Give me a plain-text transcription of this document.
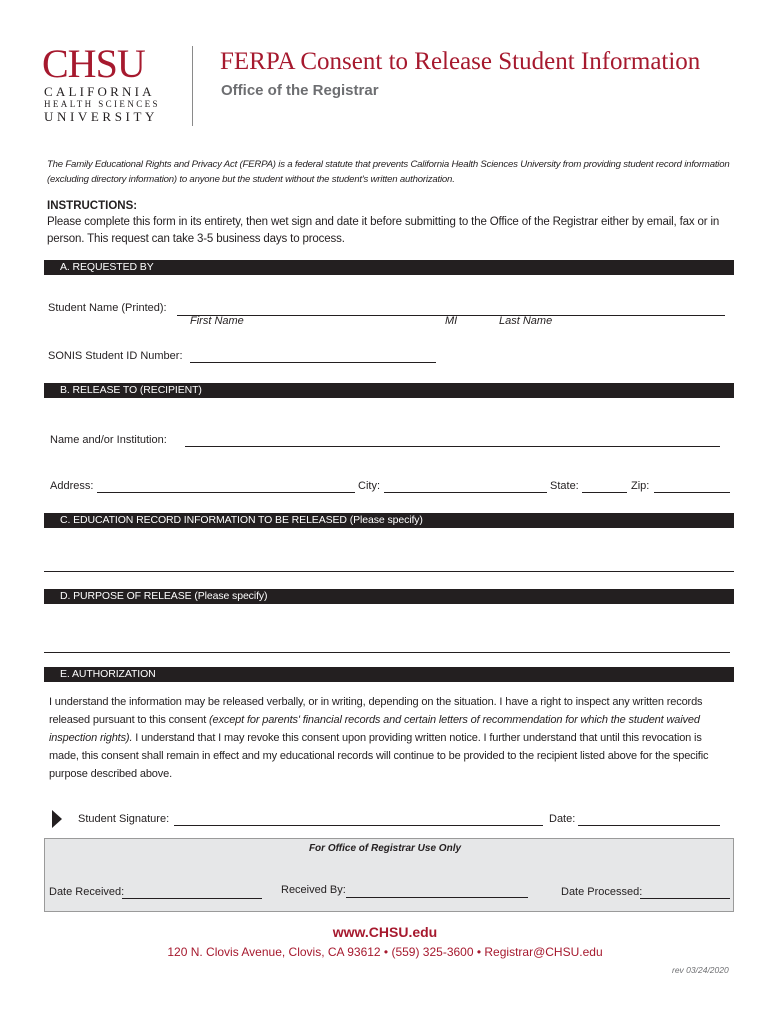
CHSU
CALIFORNIA
HEALTH SCIENCES
UNIVERSITY
FERPA Consent to Release Student Information
Office of the Registrar
The Family Educational Rights and Privacy Act (FERPA) is a federal statute that prevents California Health Sciences University from providing student record information (excluding directory information) to anyone but the student without the student's written authorization.
INSTRUCTIONS:
Please complete this form in its entirety, then wet sign and date it before submitting to the Office of the Registrar either by email, fax or in person. This request can take 3-5 business days to process.
A. REQUESTED BY
Student Name (Printed):
First Name	MI	Last Name
SONIS Student ID Number:
B. RELEASE TO (RECIPIENT)
Name and/or Institution:
Address:	City:	State:	Zip:
C. EDUCATION RECORD INFORMATION TO BE RELEASED (Please specify)
D. PURPOSE OF RELEASE (Please specify)
E. AUTHORIZATION
I understand the information may be released verbally, or in writing, depending on the situation. I have a right to inspect any written records released pursuant to this consent (except for parents' financial records and certain letters of recommendation for which the student waived inspection rights). I understand that I may revoke this consent upon providing written notice. I further understand that until this revocation is made, this consent shall remain in effect and my educational records will continue to be provided to the recipient listed above for the specific purpose described above.
Student Signature:	Date:
For Office of Registrar Use Only
Date Received:	Received By:	Date Processed:
www.CHSU.edu
120 N. Clovis Avenue, Clovis, CA 93612 • (559) 325-3600 • Registrar@CHSU.edu
rev 03/24/2020
